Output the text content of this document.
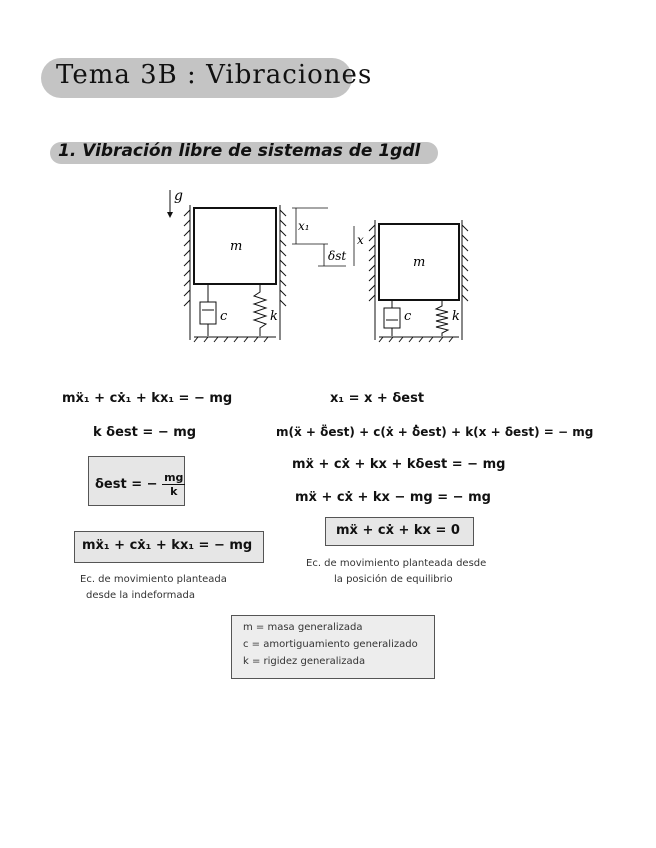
Tema 3B : Vibraciones
1. Vibración libre de sistemas de 1gdl
g
m
c	k
x₁
δst
x
m
c	k
mẍ₁ + cẋ₁ + kx₁ = − mg
k δest = − mg
δest = − $\frac{mg}{k}$
mẍ₁ + cẋ₁ + kx₁ = − mg
Ec. de movimiento planteada
desde la indeformada
x₁ = x + δest
m(ẍ + δ̈est) + c(ẋ + δ̇est) + k(x + δest) = − mg
mẍ + cẋ + kx + kδest = − mg
mẍ + cẋ + kx − mg = − mg
mẍ + cẋ + kx = 0
Ec. de movimiento planteada desde
la posición de equilibrio
m = masa generalizada
c = amortiguamiento generalizado
k = rigidez generalizada
